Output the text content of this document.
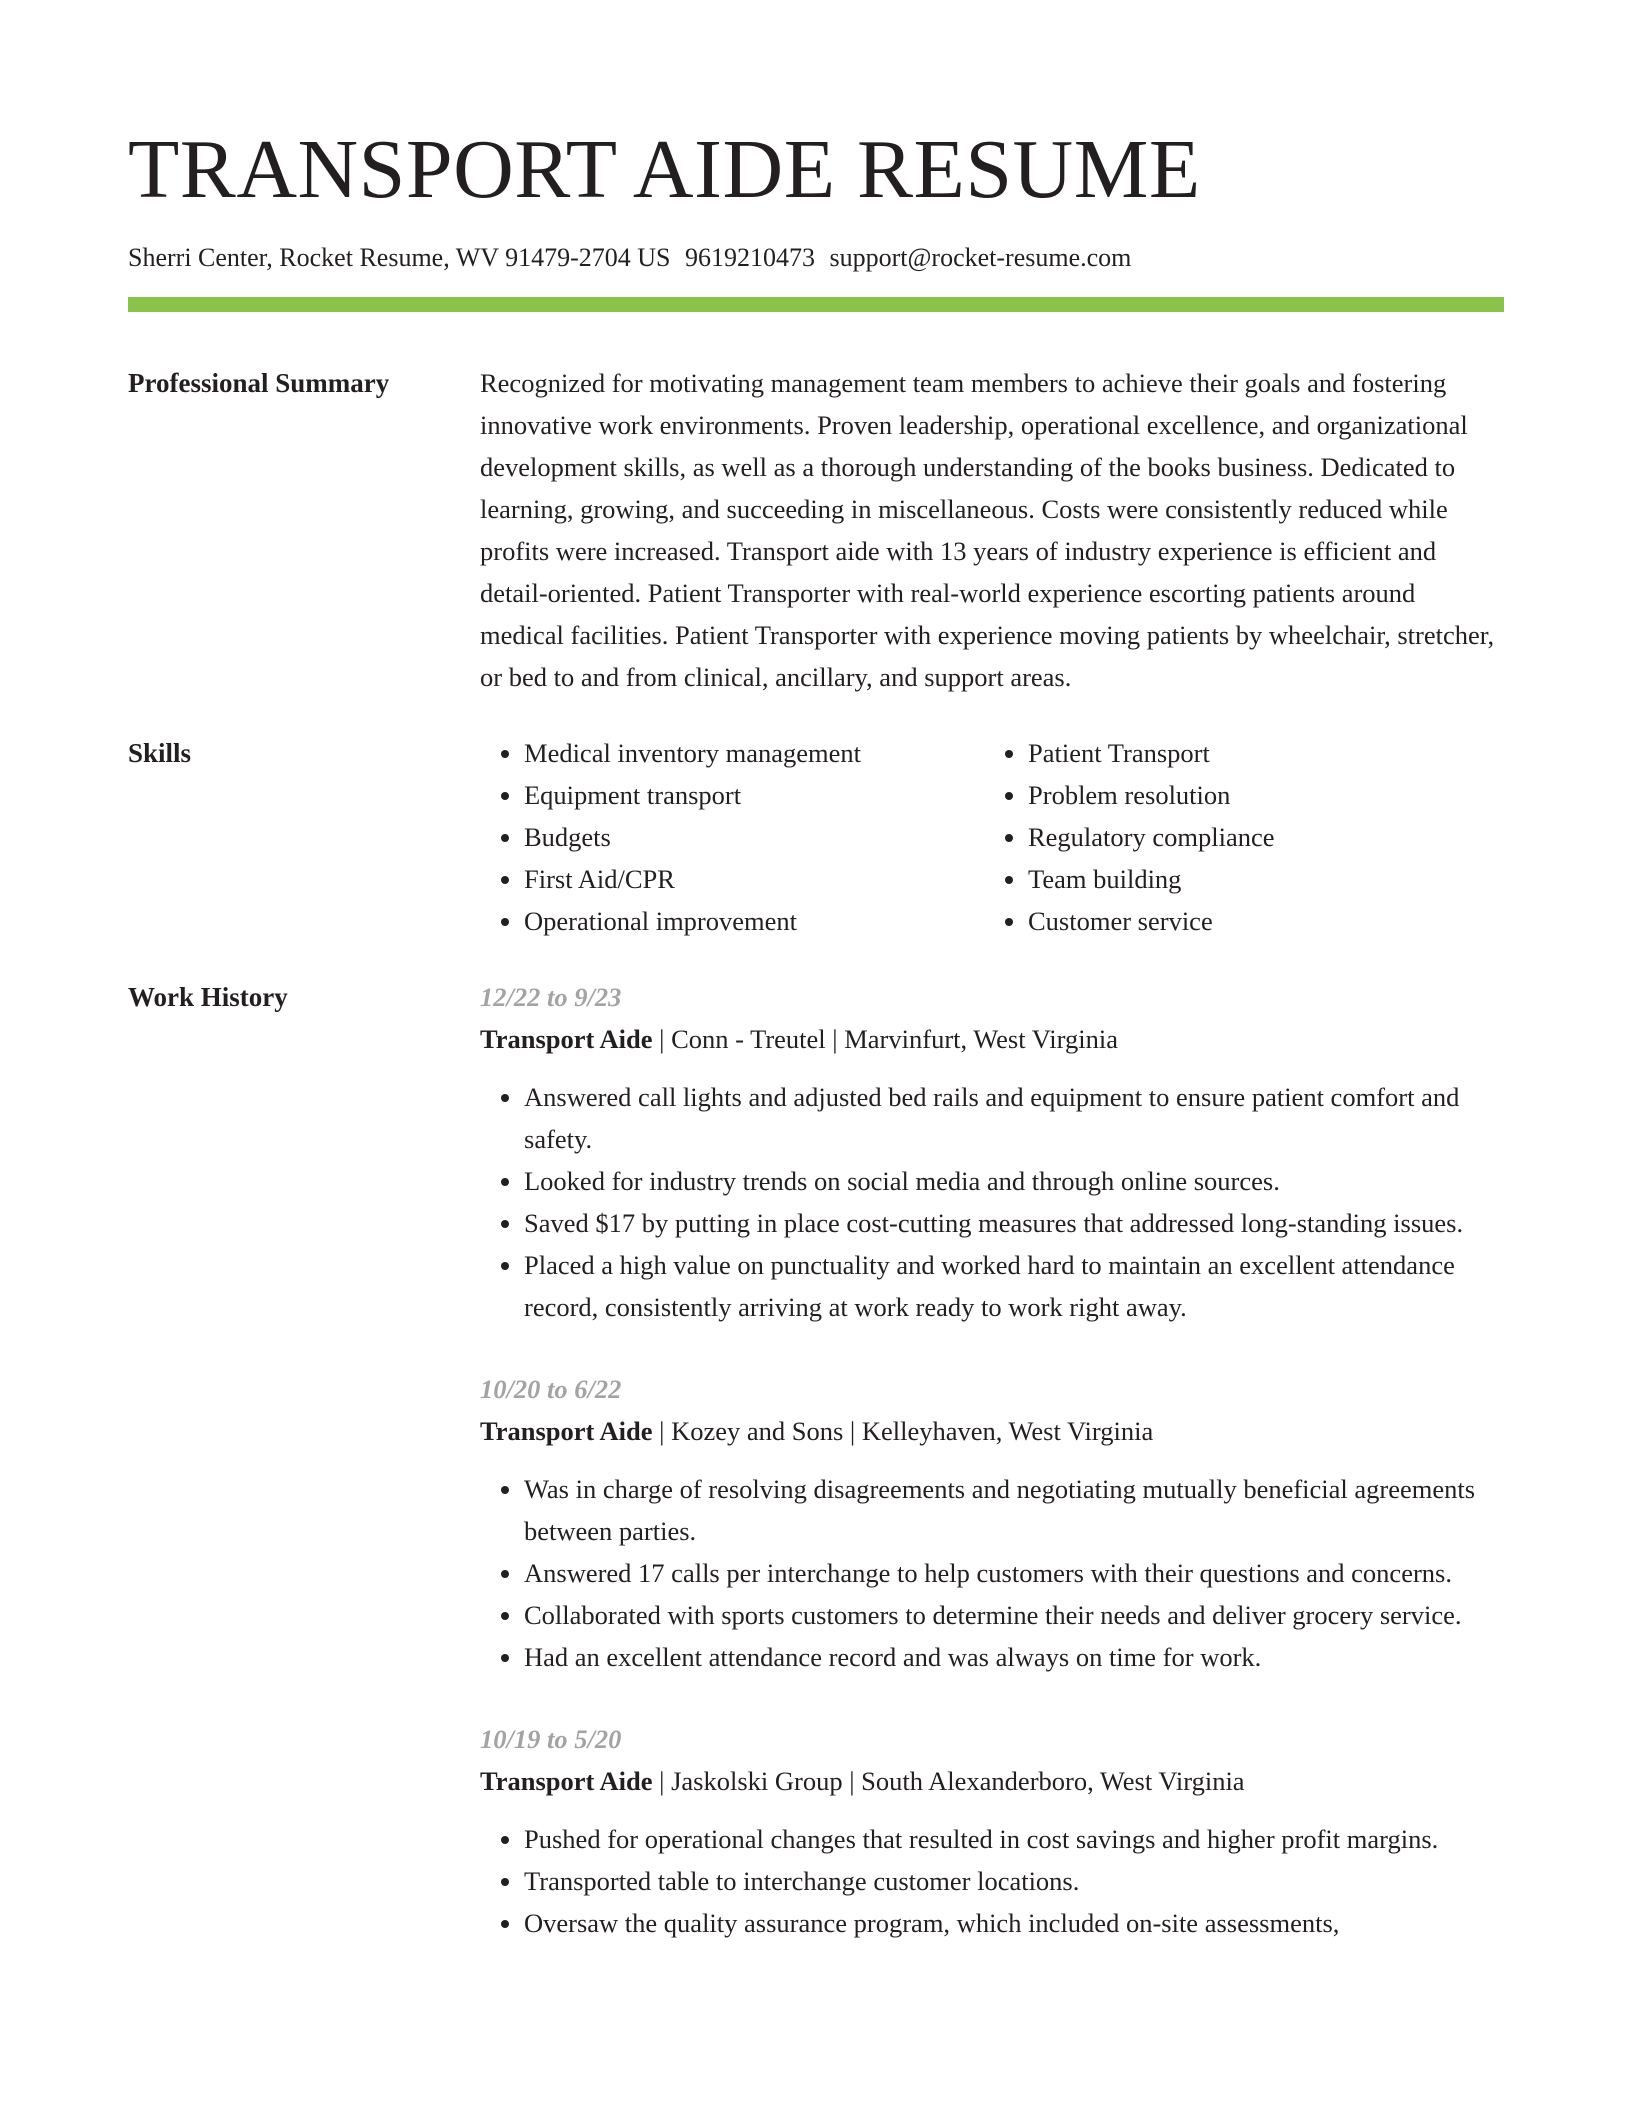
TRANSPORT AIDE RESUME
Sherri Center, Rocket Resume, WV 91479-2704 US 9619210473 support@rocket-resume.com
Professional Summary	Recognized for motivating management team members to achieve their goals and fostering innovative work environments. Proven leadership, operational excellence, and organizational development skills, as well as a thorough understanding of the books business. Dedicated to learning, growing, and succeeding in miscellaneous. Costs were consistently reduced while profits were increased. Transport aide with 13 years of industry experience is efficient and detail-oriented. Patient Transporter with real-world experience escorting patients around medical facilities. Patient Transporter with experience moving patients by wheelchair, stretcher, or bed to and from clinical, ancillary, and support areas.

Skills
•	Medical inventory management
• Equipment transport
• Budgets
• First Aid/CPR
• Operational improvement
• Patient Transport
• Problem resolution
• Regulatory compliance
• Team building
• Customer service
Work History	12/22 to 9/23
Transport Aide | Conn - Treutel | Marvinfurt, West Virginia
• Answered call lights and adjusted bed rails and equipment to ensure patient comfort and safety.
• Looked for industry trends on social media and through online sources.
• Saved $17 by putting in place cost-cutting measures that addressed long-standing issues.
• Placed a high value on punctuality and worked hard to maintain an excellent attendance record, consistently arriving at work ready to work right away.
10/20 to 6/22
Transport Aide | Kozey and Sons | Kelleyhaven, West Virginia
• Was in charge of resolving disagreements and negotiating mutually beneficial agreements between parties.
• Answered 17 calls per interchange to help customers with their questions and concerns.
• Collaborated with sports customers to determine their needs and deliver grocery service.
• Had an excellent attendance record and was always on time for work.
10/19 to 5/20
Transport Aide | Jaskolski Group | South Alexanderboro, West Virginia
• Pushed for operational changes that resulted in cost savings and higher profit margins.
• Transported table to interchange customer locations.
• Oversaw the quality assurance program, which included on-site assessments,
